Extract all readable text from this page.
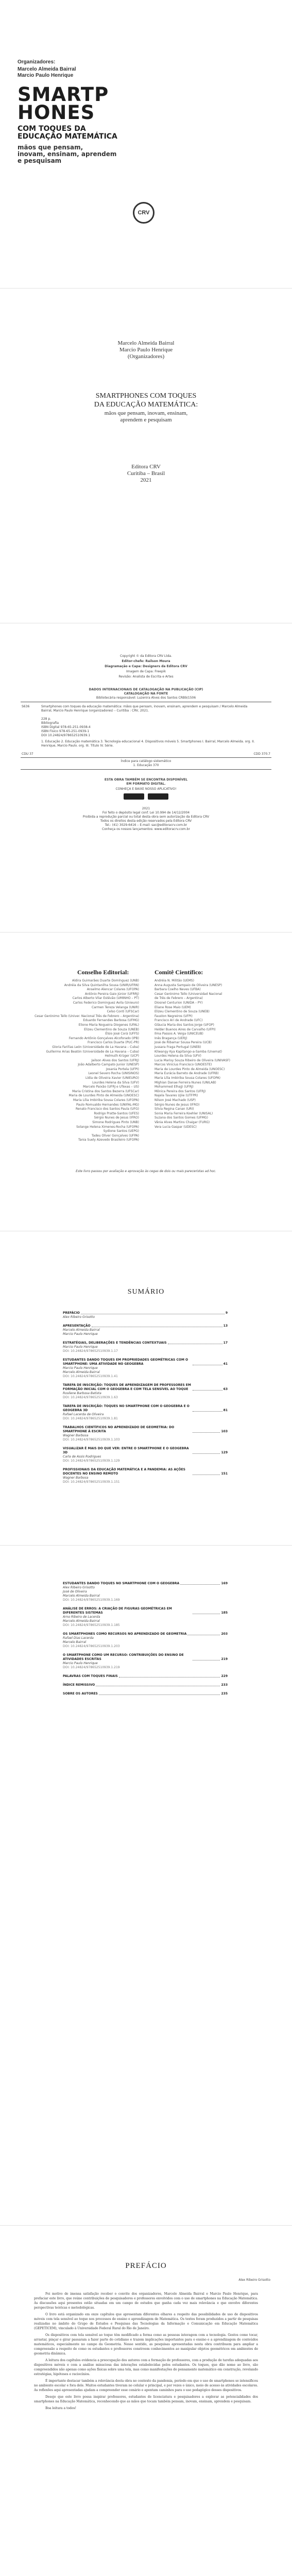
Organizadores:
Marcelo Almeida Bairral
Marcio Paulo Henrique
SMARTP
HONES
COM TOQUES DA
EDUCAÇÃO MATEMÁTICA
mãos que pensam,
inovam, ensinam, aprendem
e pesquisam
CRV
Marcelo Almeida Bairral
Marcio Paulo Henrique
(Organizadores)
SMARTPHONES COM TOQUES
DA EDUCAÇÃO MATEMÁTICA:
mãos que pensam, inovam, ensinam,
aprendem e pesquisam
Editora CRV
Curitiba – Brasil
2021
Copyright © da Editora CRV Ltda.
Editor-chefe: Railson Moura
Diagramação e Capa: Designers da Editora CRV
Imagem de Capa: Freepik
Revisão: Analista de Escrita e Artes
DADOS INTERNACIONAIS DE CATALOGAÇÃO NA PUBLICAÇÃO (CIP)
CATALOGAÇÃO NA FONTE
Bibliotecária responsável: Luzenira Alves dos Santos CRB9/1506
S636	Smartphones com toques da educação matemática: mãos que pensam, inovam, ensinam, aprendem e pesquisam / Marcelo Almeida Bairral, Marcio Paulo Henrique (organizadores) – Curitiba : CRV, 2021.
228 p.
Bibliografia
ISBN Digital 978-65-251-0938-4
ISBN Físico 978-65-251-0939-1
DOI 10.24824/978652510939.1
1. Educação 2. Educação matemática 3. Tecnologia educacional 4. Dispositivos móveis 5. Smartphones I. Bairral, Marcelo Almeida. org. II. Henrique, Marcio Paulo. org. III. Título IV. Série.
CDU 37	CDD 370.7
Índice para catálogo sistemático
1. Educação 370
ESTA OBRA TAMBÉM SE ENCONTRA DISPONÍVEL
EM FORMATO DIGITAL.
CONHEÇA E BAIXE NOSSO APLICATIVO!
2021
Foi feito o depósito legal conf. Lei 10.994 de 14/12/2004
Proibida a reprodução parcial ou total desta obra sem autorização da Editora CRV
Todos os direitos desta edição reservados pela Editora CRV
Tel.: (41) 3029-6416 – E-mail: sac@editoracrv.com.br
Conheça os nossos lançamentos: www.editoracrv.com.br
Conselho Editorial:	Comitê Científico:
Aldira Guimarães Duarte Domínguez (UNB)
Andréia da Silva Quintanilha Sousa (UNIR/UFRN)
Anselmo Alencar Colares (UFOPA)
Antônio Pereira Gaio Júnior (UFRRJ)
Carlos Alberto Vilar Estêvão (UMINHO – PT)
Carlos Federico Dominguez Avila (Unieuro)
Carmen Tereza Velanga (UNIR)
Celso Conti (UFSCar)
Cesar Gerónimo Tello (Univer. Nacional Três de Febrero – Argentina)
Eduardo Fernandes Barbosa (UFMG)
Elione Maria Nogueira Diogenes (UFAL)
Elizeu Clementino de Souza (UNEB)
Élsio José Corá (UFFS)
Fernando Antônio Gonçalves Alcoforado (IPB)
Francisco Carlos Duarte (PUC-PR)
Gloria Fariñas León (Universidade de La Havana – Cuba)
Guillermo Arias Beatón (Universidade de La Havana – Cuba)
Helmuth Krüger (UCP)
Jailson Alves dos Santos (UFRJ)
João Adalberto Campato Junior (UNESP)
Josania Portela (UFPI)
Leonel Severo Rocha (UNISINOS)
Lídia de Oliveira Xavier (UNIEURO)
Lourdes Helena da Silva (UFV)
Marcelo Paixão (UFRJ e UTexas – US)
Maria Cristina dos Santos Bezerra (UFSCar)
Maria de Lourdes Pinto de Almeida (UNOESC)
Maria Lília Imbiriba Sousa Colares (UFOPA)
Paulo Romualdo Hernandes (UNIFAL-MG)
Renato Francisco dos Santos Paula (UFG)
Rodrigo Pratte-Santos (UFES)
Sérgio Nunes de Jesus (IFRO)
Simone Rodrigues Pinto (UNB)
Solange Helena Ximenes-Rocha (UFOPA)
Sydione Santos (UEPG)
Tadeu Oliver Gonçalves (UFPA)
Tania Suely Azevedo Brasileiro (UFOPA)
Andréia N. Militão (UEMS)
Anna Augusta Sampaio de Oliveira (UNESP)
Barbara Coelho Neves (UFBA)
Cesar Gerónimo Tello (Universidad Nacional
de Três de Febrero – Argentina)
Diosnel Centurion (UNIDA – PY)
Eliane Rose Maio (UEM)
Elizeu Clementino de Souza (UNEB)
Fauston Negreiros (UFPI)
Francisco Ari de Andrade (UFC)
Gláucia Maria dos Santos Jorge (UFOP)
Helder Buenos Aires de Carvalho (UFPI)
Ilma Passos A. Veiga (UNICEUB)
Inês Bragança (UERJ)
José de Ribamar Sousa Pereira (UCB)
Jussara Fraga Portugal (UNEB)
Kilwangy Kya Kapitango-a-Samba (Unemat)
Lourdes Helena da Silva (UFV)
Lucia Marisy Souza Ribeiro de Oliveira (UNIVASF)
Marcos Vinicius Francisco (UNOESTE)
Maria de Lourdes Pinto de Almeida (UNOESC)
Maria Eurácia Barreto de Andrade (UFRB)
Maria Lília Imbiriba Sousa Colares (UFOPA)
Míghian Danae Ferreira Nunes (UNILAB)
Mohammed Elhajji (UFRJ)
Mônica Pereira dos Santos (UFRJ)
Najela Tavares Ujiie (UTFPR)
Nilson José Machado (USP)
Sérgio Nunes de Jesus (IFRO)
Silvia Regina Canan (URI)
Sonia Maria Ferreira Koehler (UNISAL)
Suzana dos Santos Gomes (UFMG)
Vânia Alves Martins Chaigar (FURG)
Vera Lucia Gaspar (UDESC)
Este livro passou por avaliação e aprovação às cegas de dois ou mais pareceristas ad hoc.
SUMÁRIO
PREFÁCIO	9
Alex Ribeiro Grisotto
APRESENTAÇÃO	13
Marcelo Almeida Bairral
Marcio Paulo Henrique
ESTRATÉGIAS, DELIBERAÇÕES E TENDÊNCIAS CONTEXTUAIS	17
Marcio Paulo Henrique
DOI: 10.24824/978652510939.1.17
ESTUDANTES DANDO TOQUES EM PROPRIEDADES GEOMÉTRICAS COM O SMARTPHONE: UMA ATIVIDADE NO GEOGEBRA	41
Marcio Paulo Henrique
Marcelo Almeida Bairral
DOI: 10.24824/978652510939.1.41
TAREFA DE INSCRIÇÃO: TOQUES DE APRENDIZAGEM DE PROFESSORES EM FORMAÇÃO INICIAL COM O GEOGEBRA E COM TELA SENSÍVEL AO TOQUE	63
Rosilene Barbosa Batista
DOI: 10.24824/978652510939.1.63
TAREFA DE INSCRIÇÃO: TOQUES NO SMARTPHONE COM O GEOGEBRA E O GEOGEBRA 3D	81
Rafael Lacerda de Oliveira
DOI: 10.24824/978652510939.1.81
TRABALHOS CIENTÍFICOS NO APRENDIZADO DE GEOMETRIA: DO SMARTPHONE À ESCRITA	103
Wagner Barbosa
DOI: 10.24824/978652510939.1.103
VISUALIZAR É MAIS DO QUE VER: ENTRE O SMARTPHONE E O GEOGEBRA 3D	129
Carla de Assis Rodrigues
DOI: 10.24824/978652510939.1.129
PROFISSIONAIS DA EDUCAÇÃO MATEMÁTICA E A PANDEMIA: AS AÇÕES DOCENTES NO ENSINO REMOTO	151
Wagner Barbosa
DOI: 10.24824/978652510939.1.151
ESTUDANTES DANDO TOQUES NO SMARTPHONE COM O GEOGEBRA	169
Alex Ribeiro Grisotto
José de Oliveira
Marcelo Almeida Bairral
DOI: 10.24824/978652510939.1.169
ANÁLISE DE ERROS: A CRIAÇÃO DE FIGURAS GEOMÉTRICAS EM DIFERENTES SISTEMAS	185
Arno Ribeiro de Lacerda
Marcelo Almeida Bairral
DOI: 10.24824/978652510939.1.185
OS SMARTPHONES COMO RECURSOS NO APRENDIZADO DE GEOMETRIA	203
Rafael Dias Lacerda
Marcelo Bairral
DOI: 10.24824/978652510939.1.203
O SMARTPHONE COMO UM RECURSO: CONTRIBUIÇÕES DO ENSINO DE ATIVIDADES ESCRITAS	219
Marcio Paulo Henrique
DOI: 10.24824/978652510939.1.219
PALAVRAS COM TOQUES FINAIS	229
ÍNDICE REMISSIVO	233
SOBRE OS AUTORES	235
PREFÁCIO
Alex Ribeiro Grisotto

Foi motivo de imensa satisfação receber o convite dos organizadores, Marcelo Almeida Bairral e Marcio Paulo Henrique, para prefaciar este livro, que reúne contribuições de pesquisadores e professores envolvidos com o uso de smartphones na Educação Matemática. As discussões aqui presentes estão situadas em um campo de estudos que ganha cada vez mais relevância e que envolve diferentes perspectivas teóricas e metodológicas.

O livro está organizado em onze capítulos que apresentam diferentes olhares a respeito das possibilidades de uso de dispositivos móveis com tela sensível ao toque nos processos de ensino e aprendizagem de Matemática. Os textos foram produzidos a partir de pesquisas realizadas no âmbito do Grupo de Estudos e Pesquisas das Tecnologias da Informação e Comunicação em Educação Matemática (GEPETICEM), vinculado à Universidade Federal Rural do Rio de Janeiro.

Os dispositivos com tela sensível ao toque têm modificado a forma como as pessoas interagem com a tecnologia. Gestos como tocar, arrastar, pinçar e girar passaram a fazer parte do cotidiano e trazem implicações importantes para o ensino e a aprendizagem de conteúdos matemáticos, especialmente no campo da Geometria. Nesse sentido, as pesquisas apresentadas nesta obra contribuem para ampliar a compreensão a respeito de como os estudantes e professores constroem conhecimentos ao manipular objetos geométricos em ambientes de geometria dinâmica.

A leitura dos capítulos evidencia a preocupação dos autores com a formação de professores, com a produção de tarefas adequadas aos dispositivos móveis e com a análise minuciosa das interações estabelecidas pelos estudantes. Os toques, que dão nome ao livro, são compreendidos não apenas como ações físicas sobre uma tela, mas como manifestações do pensamento matemático em construção, revelando estratégias, hipóteses e raciocínios.

É importante destacar também a relevância desta obra no contexto da pandemia, período em que o uso de smartphones se intensificou no ambiente escolar e fora dele. Muitos estudantes tiveram no celular o principal, e por vezes o único, meio de acesso às atividades escolares. As reflexões aqui apresentadas ajudam a compreender esse cenário e apontam caminhos para o uso pedagógico desses dispositivos.

Desejo que este livro possa inspirar professores, estudantes de licenciatura e pesquisadores a explorar as potencialidades dos smartphones na Educação Matemática, reconhecendo que as mãos que tocam também pensam, inovam, ensinam, aprendem e pesquisam.

Boa leitura a todos!
